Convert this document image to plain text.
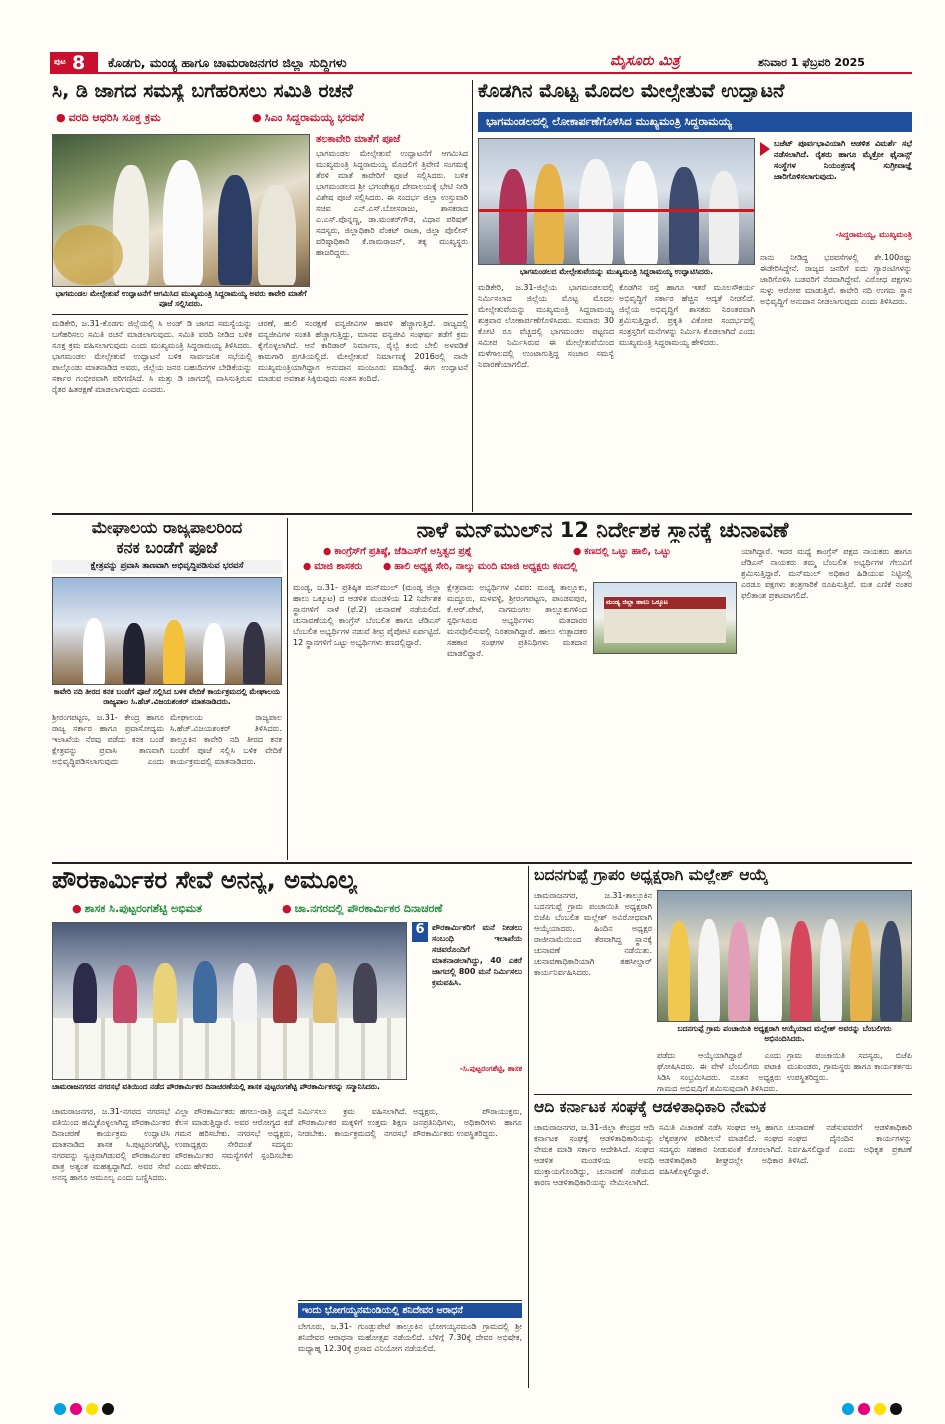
ಪುಟ 8 ಕೊಡಗು, ಮಂಡ್ಯ ಹಾಗೂ ಚಾಮರಾಜನಗರ ಜಿಲ್ಲಾ ಸುದ್ದಿಗಳು	ಮೈಸೂರು ಮಿತ್ರ	ಶನಿವಾರ 1 ಫೆಬ್ರವರಿ 2025
ಸಿ, ಡಿ ಜಾಗದ ಸಮಸ್ಯೆ ಬಗೆಹರಿಸಲು ಸಮಿತಿ ರಚನೆ
● ವರದಿ ಆಧರಿಸಿ ಸೂಕ್ತ ಕ್ರಮ	● ಸಿಎಂ ಸಿದ್ದರಾಮಯ್ಯ ಭರವಸೆ
ಭಾಗಮಂಡಲ ಮೇಲ್ಸೇತುವೆ ಉದ್ಘಾಟನೆಗೆ ಆಗಮಿಸಿದ ಮುಖ್ಯಮಂತ್ರಿ ಸಿದ್ದರಾಮಯ್ಯ ಅವರು ಕಾವೇರಿ ಮಾತೆಗೆ ಪೂಜೆ ಸಲ್ಲಿಸಿದರು.
ತಲಕಾವೇರಿ ಮಾತೆಗೆ ಪೂಜೆ
ಭಾಗಮಂಡಲ ಮೇಲ್ಸೇತುವೆ ಉದ್ಘಾಟನೆಗೆ ಆಗಮಿಸಿದ ಮುಖ್ಯಮಂತ್ರಿ ಸಿದ್ದರಾಮಯ್ಯ ಮೊದಲಿಗೆ ತ್ರಿವೇಣಿ ಸಂಗಮಕ್ಕೆ ತೆರಳಿ ಮಾತೆ ಕಾವೇರಿಗೆ ಪೂಜೆ ಸಲ್ಲಿಸಿದರು. ಬಳಿಕ ಭಾಗಮಂಡಲದ ಶ್ರೀ ಭಗಂಡೇಶ್ವರ ದೇವಾಲಯಕ್ಕೆ ಭೇಟಿ ನೀಡಿ ವಿಶೇಷ ಪೂಜೆ ಸಲ್ಲಿಸಿದರು. ಈ ಸಂದರ್ಭ ಜಿಲ್ಲಾ ಉಸ್ತುವಾರಿ ಸಚಿವ ಎನ್.ಎಸ್.ಬೋಸರಾಜು, ಶಾಸಕರಾದ ಎ.ಎಸ್.ಪೊನ್ನಣ್ಣ, ಡಾ.ಮಂತರ್‌ಗೌಡ, ವಿಧಾನ ಪರಿಷತ್ ಸದಸ್ಯರು, ಜಿಲ್ಲಾಧಿಕಾರಿ ವೆಂಕಟ್ ರಾಜಾ, ಜಿಲ್ಲಾ ಪೊಲೀಸ್ ವರಿಷ್ಠಾಧಿಕಾರಿ ಕೆ.ರಾಮರಾಜನ್, ತಕ್ಕ ಮುಖ್ಯಸ್ಥರು ಹಾಜರಿದ್ದರು.
ಮಡಿಕೇರಿ, ಜ.31-ಕೊಡಗು ಜಿಲ್ಲೆಯಲ್ಲಿ ಸಿ ಅಂಡ್ ಡಿ ಜಾಗದ ಸಮಸ್ಯೆಯನ್ನು ಬಗೆಹರಿಸಲು ಸಮಿತಿ ರಚನೆ ಮಾಡಲಾಗುವುದು. ಸಮಿತಿ ವರದಿ ನೀಡಿದ ಬಳಿಕ ಸೂಕ್ತ ಕ್ರಮ ವಹಿಸಲಾಗುವುದು ಎಂದು ಮುಖ್ಯಮಂತ್ರಿ ಸಿದ್ದರಾಮಯ್ಯ ತಿಳಿಸಿದರು. ಭಾಗಮಂಡಲ ಮೇಲ್ಸೇತುವೆ ಉದ್ಘಾಟನೆ ಬಳಿಕ ಸಾರ್ವಜನಿಕ ಸಭೆಯಲ್ಲಿ ಪಾಲ್ಗೊಂಡು ಮಾತನಾಡಿದ ಅವರು, ಜಿಲ್ಲೆಯ ಜನರ ಬಹುದಿನಗಳ ಬೇಡಿಕೆಯನ್ನು ಸರ್ಕಾರ ಗಂಭೀರವಾಗಿ ಪರಿಗಣಿಸಿದೆ. ಸಿ ಮತ್ತು ಡಿ ಜಾಗದಲ್ಲಿ ವಾಸಿಸುತ್ತಿರುವ ರೈತರ ಹಿತರಕ್ಷಣೆ ಮಾಡಲಾಗುವುದು ಎಂದರು.
ಚರಣೆ, ಹುಲಿ ಸಂರಕ್ಷಣೆ ವನ್ಯಜೀವಿಗಳ ಹಾವಳಿ ಹೆಚ್ಚಾಗುತ್ತಿದೆ. ರಾಜ್ಯದಲ್ಲಿ ವನ್ಯಜೀವಿಗಳ ಸಂತತಿ ಹೆಚ್ಚಾಗುತ್ತಿದ್ದು, ಮಾನವ ವನ್ಯಜೀವಿ ಸಂಘರ್ಷ ತಡೆಗೆ ಕ್ರಮ ಕೈಗೊಳ್ಳಲಾಗಿದೆ. ಆನೆ ಕಾರಿಡಾರ್ ನಿರ್ಮಾಣ, ರೈಲ್ವೆ ಕಂಬಿ ಬೇಲಿ ಅಳವಡಿಕೆ ಕಾಮಗಾರಿ ಪ್ರಗತಿಯಲ್ಲಿದೆ. ಮೇಲ್ಸೇತುವೆ ನಿರ್ಮಾಣಕ್ಕೆ 2016ರಲ್ಲಿ ನಾನೇ ಮುಖ್ಯಮಂತ್ರಿಯಾಗಿದ್ದಾಗ ಅನುದಾನ ಮಂಜೂರು ಮಾಡಿದ್ದೆ. ಈಗ ಉದ್ಘಾಟನೆ ಮಾಡುವ ಅವಕಾಶ ಸಿಕ್ಕಿರುವುದು ಸಂತಸ ತಂದಿದೆ.
ಕೊಡಗಿನ ಮೊಟ್ಟ ಮೊದಲ ಮೇಲ್ಸೇತುವೆ ಉದ್ಘಾಟನೆ
ಭಾಗಮಂಡಲದಲ್ಲಿ ಲೋಕಾರ್ಪಣೆಗೊಳಿಸಿದ ಮುಖ್ಯಮಂತ್ರಿ ಸಿದ್ದರಾಮಯ್ಯ
ಭಾಗಮಂಡಲದ ಮೇಲ್ಸೇತುವೆಯನ್ನು ಮುಖ್ಯಮಂತ್ರಿ ಸಿದ್ದರಾಮಯ್ಯ ಉದ್ಘಾಟಿಸಿದರು.
ಬಜೆಟ್ ಪೂರ್ವಭಾವಿಯಾಗಿ ಆಡಳಿತ ವಿಮರ್ಶೆ ಸಭೆ ನಡೆಸಲಾಗಿದೆ. ರೈತರು ಹಾಗೂ ಮೈಕ್ರೋ ಫೈನಾನ್ಸ್ ಸಂಸ್ಥೆಗಳ ನಿಯಂತ್ರಣಕ್ಕೆ ಸುಗ್ರೀವಾಜ್ಞೆ ಜಾರಿಗೊಳಿಸಲಾಗುವುದು.
-ಸಿದ್ದರಾಮಯ್ಯ, ಮುಖ್ಯಮಂತ್ರಿ
ಮಡಿಕೇರಿ, ಜ.31-ಜಿಲ್ಲೆಯ ಭಾಗಮಂಡಲದಲ್ಲಿ ನಿರ್ಮಿಸಲಾದ ಜಿಲ್ಲೆಯ ಮೊಟ್ಟ ಮೊದಲ ಮೇಲ್ಸೇತುವೆಯನ್ನು ಮುಖ್ಯಮಂತ್ರಿ ಸಿದ್ದರಾಮಯ್ಯ ಶುಕ್ರವಾರ ಲೋಕಾರ್ಪಣೆಗೊಳಿಸಿದರು. ಸುಮಾರು 30 ಕೋಟಿ ರೂ ವೆಚ್ಚದಲ್ಲಿ ಭಾಗಮಂಡಲ ಪಟ್ಟಣದ ಸಮೀಪ ನಿರ್ಮಿಸಿರುವ ಈ ಮೇಲ್ಸೇತುವೆಯಿಂದ ಮಳೆಗಾಲದಲ್ಲಿ ಉಂಟಾಗುತ್ತಿದ್ದ ಸಂಚಾರ ಸಮಸ್ಯೆ ನಿವಾರಣೆಯಾಗಲಿದೆ.
ಕೊಡಗಿನ ರಸ್ತೆ ಹಾಗೂ ಇತರೆ ಮೂಲಸೌಕರ್ಯ ಅಭಿವೃದ್ಧಿಗೆ ಸರ್ಕಾರ ಹೆಚ್ಚಿನ ಆದ್ಯತೆ ನೀಡಲಿದೆ. ಜಿಲ್ಲೆಯ ಅಭಿವೃದ್ಧಿಗೆ ಶಾಸಕರು ನಿರಂತರವಾಗಿ ಶ್ರಮಿಸುತ್ತಿದ್ದಾರೆ. ಪ್ರಕೃತಿ ವಿಕೋಪ ಸಂದರ್ಭದಲ್ಲಿ ಸಂತ್ರಸ್ತರಿಗೆ ಮನೆಗಳನ್ನು ನಿರ್ಮಿಸಿ ಕೊಡಲಾಗಿದೆ ಎಂದು ಮುಖ್ಯಮಂತ್ರಿ ಸಿದ್ದರಾಮಯ್ಯ ಹೇಳಿದರು.
ನಾನು ನೀಡಿದ್ದ ಭರವಸೆಗಳಲ್ಲಿ ಶೇ.100ರಷ್ಟು ಈಡೇರಿಸಿದ್ದೇನೆ. ರಾಜ್ಯದ ಜನರಿಗೆ ಐದು ಗ್ಯಾರಂಟಿಗಳನ್ನು ಜಾರಿಗೊಳಿಸಿ ಬಡವರಿಗೆ ನೆರವಾಗಿದ್ದೇವೆ. ವಿರೋಧ ಪಕ್ಷಗಳು ಸುಳ್ಳು ಆರೋಪ ಮಾಡುತ್ತಿವೆ. ಕಾವೇರಿ ನದಿ ಉಗಮ ಸ್ಥಾನ ಅಭಿವೃದ್ಧಿಗೆ ಅನುದಾನ ನೀಡಲಾಗುವುದು ಎಂದು ತಿಳಿಸಿದರು.
ಮೇಘಾಲಯ ರಾಜ್ಯಪಾಲರಿಂದ
ಕನಕ ಬಂಡೆಗೆ ಪೂಜೆ
ಕ್ಷೇತ್ರವನ್ನು ಪ್ರವಾಸಿ ತಾಣವಾಗಿ ಅಭಿವೃದ್ಧಿಪಡಿಸುವ ಭರವಸೆ
ಕಾವೇರಿ ನದಿ ತೀರದ ಕನಕ ಬಂಡೆಗೆ ಪೂಜೆ ಸಲ್ಲಿಸಿದ ಬಳಿಕ ವೇದಿಕೆ ಕಾರ್ಯಕ್ರಮದಲ್ಲಿ ಮೇಘಾಲಯ ರಾಜ್ಯಪಾಲ ಸಿ.ಹೆಚ್.ವಿಜಯಶಂಕರ್ ಮಾತನಾಡಿದರು.
ಶ್ರೀರಂಗಪಟ್ಟಣ, ಜ.31- ಕೇಂದ್ರ ಹಾಗೂ ರಾಜ್ಯ ಸರ್ಕಾರ ಹಾಗೂ ಪ್ರವಾಸೋದ್ಯಮ ಇಲಾಖೆಯ ನೆರವು ಪಡೆದು ಕನಕ ಬಂಡೆ ಕ್ಷೇತ್ರವನ್ನು ಪ್ರವಾಸಿ ತಾಣವಾಗಿ ಅಭಿವೃದ್ಧಿಪಡಿಸಲಾಗುವುದು ಎಂದು ಮೇಘಾಲಯ ರಾಜ್ಯಪಾಲ ಸಿ.ಹೆಚ್.ವಿಜಯಶಂಕರ್ ತಿಳಿಸಿದರು. ತಾಲ್ಲೂಕಿನ ಕಾವೇರಿ ನದಿ ತೀರದ ಕನಕ ಬಂಡೆಗೆ ಪೂಜೆ ಸಲ್ಲಿಸಿ ಬಳಿಕ ವೇದಿಕೆ ಕಾರ್ಯಕ್ರಮದಲ್ಲಿ ಮಾತನಾಡಿದರು.
ನಾಳೆ ಮನ್‌ಮುಲ್‌ನ 12 ನಿರ್ದೇಶಕ ಸ್ಥಾನಕ್ಕೆ ಚುನಾವಣೆ
● ಕಾಂಗ್ರೆಸ್‌ಗೆ ಪ್ರತಿಷ್ಠೆ, ಜೆಡಿಎಸ್‌ಗೆ ಅಸ್ತಿತ್ವದ ಪ್ರಶ್ನೆ	● ಕಣದಲ್ಲಿ ಒಟ್ಟು ಹಾಲಿ, ಒಟ್ಟು
● ಮಾಜಿ ಶಾಸಕರು	● ಹಾಲಿ ಅಧ್ಯಕ್ಷ ಸೇರಿ, ನಾಲ್ಕು ಮಂದಿ ಮಾಜಿ ಅಧ್ಯಕ್ಷರು ಕಣದಲ್ಲಿ
ಮಂಡ್ಯ, ಜ.31- ಪ್ರತಿಷ್ಠಿತ ಮನ್‌ಮುಲ್ (ಮಂಡ್ಯ ಜಿಲ್ಲಾ ಹಾಲು ಒಕ್ಕೂಟ) ದ ಆಡಳಿತ ಮಂಡಳಿಯ 12 ನಿರ್ದೇಶಕ ಸ್ಥಾನಗಳಿಗೆ ನಾಳೆ (ಫೆ.2) ಚುನಾವಣೆ ನಡೆಯಲಿದೆ. ಚುನಾವಣೆಯಲ್ಲಿ ಕಾಂಗ್ರೆಸ್ ಬೆಂಬಲಿತ ಹಾಗೂ ಜೆಡಿಎಸ್ ಬೆಂಬಲಿತ ಅಭ್ಯರ್ಥಿಗಳ ನಡುವೆ ತೀವ್ರ ಪೈಪೋಟಿ ಏರ್ಪಟ್ಟಿದೆ. 12 ಸ್ಥಾನಗಳಿಗೆ ಒಟ್ಟು ಅಭ್ಯರ್ಥಿಗಳು ಕಣದಲ್ಲಿದ್ದಾರೆ.
ಕ್ಷೇತ್ರವಾರು ಅಭ್ಯರ್ಥಿಗಳ ವಿವರ: ಮಂಡ್ಯ ತಾಲ್ಲೂಕು, ಮದ್ದೂರು, ಮಳವಳ್ಳಿ, ಶ್ರೀರಂಗಪಟ್ಟಣ, ಪಾಂಡವಪುರ, ಕೆ.ಆರ್.ಪೇಟೆ, ನಾಗಮಂಗಲ ತಾಲ್ಲೂಕುಗಳಿಂದ ಸ್ಪರ್ಧಿಸಿರುವ ಅಭ್ಯರ್ಥಿಗಳು ಮತದಾರರ ಮನವೊಲಿಸುವಲ್ಲಿ ನಿರತರಾಗಿದ್ದಾರೆ. ಹಾಲು ಉತ್ಪಾದಕರ ಸಹಕಾರ ಸಂಘಗಳ ಪ್ರತಿನಿಧಿಗಳು ಮತದಾನ ಮಾಡಲಿದ್ದಾರೆ.
ಮಂಡ್ಯ ಜಿಲ್ಲಾ ಹಾಲು ಒಕ್ಕೂಟ
ಯಾಗಿದ್ದಾರೆ. ಇದರ ಮಧ್ಯೆ ಕಾಂಗ್ರೆಸ್ ಪಕ್ಷದ ನಾಯಕರು ಹಾಗೂ ಜೆಡಿಎಸ್ ನಾಯಕರು ತಮ್ಮ ಬೆಂಬಲಿತ ಅಭ್ಯರ್ಥಿಗಳ ಗೆಲುವಿಗೆ ಶ್ರಮಿಸುತ್ತಿದ್ದಾರೆ. ಮನ್‌ಮುಲ್ ಅಧಿಕಾರ ಹಿಡಿಯುವ ನಿಟ್ಟಿನಲ್ಲಿ ಎರಡೂ ಪಕ್ಷಗಳು ತಂತ್ರಗಾರಿಕೆ ರೂಪಿಸುತ್ತಿವೆ. ಮತ ಎಣಿಕೆ ನಂತರ ಫಲಿತಾಂಶ ಪ್ರಕಟವಾಗಲಿದೆ.
ಪೌರಕಾರ್ಮಿಕರ ಸೇವೆ ಅನನ್ಯ, ಅಮೂಲ್ಯ
● ಶಾಸಕ ಸಿ.ಪುಟ್ಟರಂಗಶೆಟ್ಟಿ ಅಭಿಮತ	● ಚಾ.ನಗರದಲ್ಲಿ ಪೌರಕಾರ್ಮಿಕರ ದಿನಾಚರಣೆ
6 ಪೌರಕಾರ್ಮಿಕರಿಗೆ ಮನೆ ನೀಡಲು ಸಂಬಂಧಿ ಇಲಾಖೆಯ ಸಚಿವರೊಂದಿಗೆ ಮಾತನಾಡಲಾಗಿದ್ದು, 40 ಎಕರೆ ಜಾಗದಲ್ಲಿ 800 ಮನೆ ನಿರ್ಮಿಸಲು ಕ್ರಮವಹಿಸಿ.
-ಸಿ.ಪುಟ್ಟರಂಗಶೆಟ್ಟಿ, ಶಾಸಕ
ಚಾಮರಾಜನಗರದ ನಗರಸಭೆ ವತಿಯಿಂದ ನಡೆದ ಪೌರಕಾರ್ಮಿಕರ ದಿನಾಚರಣೆಯಲ್ಲಿ ಶಾಸಕ ಪುಟ್ಟರಂಗಶೆಟ್ಟಿ ಪೌರಕಾರ್ಮಿಕರನ್ನು ಸನ್ಮಾನಿಸಿದರು.
ಚಾಮರಾಜನಗರ, ಜ.31-ನಗರದ ನಗರಸಭೆ ವತಿಯಿಂದ ಹಮ್ಮಿಕೊಳ್ಳಲಾಗಿದ್ದ ಪೌರಕಾರ್ಮಿಕರ ದಿನಾಚರಣೆ ಕಾರ್ಯಕ್ರಮ ಉದ್ಘಾಟಿಸಿ ಮಾತನಾಡಿದ ಶಾಸಕ ಸಿ.ಪುಟ್ಟರಂಗಶೆಟ್ಟಿ, ನಗರವನ್ನು ಸ್ವಚ್ಛವಾಗಿಡುವಲ್ಲಿ ಪೌರಕಾರ್ಮಿಕರ ಪಾತ್ರ ಅತ್ಯಂತ ಮಹತ್ವದ್ದಾಗಿದೆ. ಅವರ ಸೇವೆ ಅನನ್ಯ ಹಾಗೂ ಅಮೂಲ್ಯ ಎಂದು ಬಣ್ಣಿಸಿದರು.
ವಿಲ್ಲಾ ಪೌರಕಾರ್ಮಿಕರು ಹಗಲು-ರಾತ್ರಿ ಎನ್ನದೆ ಕೆಲಸ ಮಾಡುತ್ತಿದ್ದಾರೆ. ಅವರ ಆರೋಗ್ಯದ ಕಡೆ ಗಮನ ಹರಿಸಬೇಕು. ನಗರಸಭೆ ಅಧ್ಯಕ್ಷರು, ಉಪಾಧ್ಯಕ್ಷರು ಸೇರಿದಂತೆ ಸದಸ್ಯರು ಪೌರಕಾರ್ಮಿಕರ ಸಮಸ್ಯೆಗಳಿಗೆ ಸ್ಪಂದಿಸಬೇಕು ಎಂದು ಹೇಳಿದರು.
ನಿರ್ಮಿಸಲು ಕ್ರಮ ವಹಿಸಲಾಗಿದೆ. ಪೌರಕಾರ್ಮಿಕರ ಮಕ್ಕಳಿಗೆ ಉತ್ತಮ ಶಿಕ್ಷಣ ನೀಡಬೇಕು. ಕಾರ್ಯಕ್ರಮದಲ್ಲಿ ನಗರಸಭೆ ಅಧ್ಯಕ್ಷರು, ಪೌರಾಯುಕ್ತರು, ಜನಪ್ರತಿನಿಧಿಗಳು, ಅಧಿಕಾರಿಗಳು ಹಾಗೂ ಪೌರಕಾರ್ಮಿಕರು ಉಪಸ್ಥಿತರಿದ್ದರು.
ಇಂದು ಭೋಗಯ್ಯನಮಂಡಿಯಲ್ಲಿ ಶನಿದೇವರ ಆರಾಧನೆ
ಬೇಗೂರು, ಜ.31- ಗುಂಡ್ಲುಪೇಟೆ ತಾಲ್ಲೂಕಿನ ಭೋಗಯ್ಯನಮಂಡಿ ಗ್ರಾಮದಲ್ಲಿ ಶ್ರೀ ಶನಿದೇವರ ಆರಾಧನಾ ಮಹೋತ್ಸವ ನಡೆಯಲಿದೆ. ಬೆಳಿಗ್ಗೆ 7.30ಕ್ಕೆ ದೇವರ ಅಭಿಷೇಕ, ಮಧ್ಯಾಹ್ನ 12.30ಕ್ಕೆ ಪ್ರಸಾದ ವಿನಿಯೋಗ ನಡೆಯಲಿದೆ.
ಬದನಗುಪ್ಪೆ ಗ್ರಾಪಂ ಅಧ್ಯಕ್ಷರಾಗಿ ಮಲ್ಲೇಶ್ ಆಯ್ಕೆ
ಚಾಮರಾಜನಗರ, ಜ.31-ತಾಲ್ಲೂಕಿನ ಬದನಗುಪ್ಪೆ ಗ್ರಾಮ ಪಂಚಾಯಿತಿ ಅಧ್ಯಕ್ಷರಾಗಿ ಬಿಜೆಪಿ ಬೆಂಬಲಿತ ಮಲ್ಲೇಶ್ ಅವಿರೋಧವಾಗಿ ಆಯ್ಕೆಯಾದರು. ಹಿಂದಿನ ಅಧ್ಯಕ್ಷರ ರಾಜೀನಾಮೆಯಿಂದ ತೆರವಾಗಿದ್ದ ಸ್ಥಾನಕ್ಕೆ ಚುನಾವಣೆ ನಡೆಯಿತು. ಚುನಾವಣಾಧಿಕಾರಿಯಾಗಿ ತಹಸೀಲ್ದಾರ್ ಕಾರ್ಯನಿರ್ವಹಿಸಿದರು.
ಬದನಗುಪ್ಪೆ ಗ್ರಾಮ ಪಂಚಾಯಿತಿ ಅಧ್ಯಕ್ಷರಾಗಿ ಆಯ್ಕೆಯಾದ ಮಲ್ಲೇಶ್ ಅವರನ್ನು ಬೆಂಬಲಿಗರು ಅಭಿನಂದಿಸಿದರು.
ಪಡೆದು ಆಯ್ಕೆಯಾಗಿದ್ದಾರೆ ಎಂದು ಘೋಷಿಸಿದರು. ಈ ವೇಳೆ ಬೆಂಬಲಿಗರು ಪಟಾಕಿ ಸಿಡಿಸಿ ಸಂಭ್ರಮಿಸಿದರು. ನೂತನ ಅಧ್ಯಕ್ಷರು ಗ್ರಾಮದ ಅಭಿವೃದ್ಧಿಗೆ ಶ್ರಮಿಸುವುದಾಗಿ ತಿಳಿಸಿದರು.
ಗ್ರಾಮ ಪಂಚಾಯಿತಿ ಸದಸ್ಯರು, ಬಿಜೆಪಿ ಮುಖಂಡರು, ಗ್ರಾಮಸ್ಥರು ಹಾಗೂ ಕಾರ್ಯಕರ್ತರು ಉಪಸ್ಥಿತರಿದ್ದರು.
ಆದಿ ಕರ್ನಾಟಕ ಸಂಘಕ್ಕೆ ಆಡಳಿತಾಧಿಕಾರಿ ನೇಮಕ
ಚಾಮರಾಜನಗರ, ಜ.31-ಜಿಲ್ಲಾ ಕೇಂದ್ರದ ಆದಿ ಕರ್ನಾಟಕ ಸಂಘಕ್ಕೆ ಆಡಳಿತಾಧಿಕಾರಿಯನ್ನು ನೇಮಕ ಮಾಡಿ ಸರ್ಕಾರ ಆದೇಶಿಸಿದೆ. ಸಂಘದ ಆಡಳಿತ ಮಂಡಳಿಯ ಅವಧಿ ಮುಕ್ತಾಯಗೊಂಡಿದ್ದು, ಚುನಾವಣೆ ನಡೆಯದ ಕಾರಣ ಆಡಳಿತಾಧಿಕಾರಿಯನ್ನು ನೇಮಿಸಲಾಗಿದೆ.
ಸಮಿತಿ ವಿಚಾರಣೆ ನಡೆಸಿ ಸಂಘದ ಆಸ್ತಿ ಹಾಗೂ ಲೆಕ್ಕಪತ್ರಗಳ ಪರಿಶೀಲನೆ ಮಾಡಲಿದೆ. ಸಂಘದ ಸದಸ್ಯರು ಸಹಕಾರ ನೀಡುವಂತೆ ಕೋರಲಾಗಿದೆ. ಆಡಳಿತಾಧಿಕಾರಿ ಶೀಘ್ರದಲ್ಲೇ ಅಧಿಕಾರ ವಹಿಸಿಕೊಳ್ಳಲಿದ್ದಾರೆ.
ಚುನಾವಣೆ ನಡೆಸುವವರೆಗೆ ಆಡಳಿತಾಧಿಕಾರಿ ಸಂಘದ ದೈನಂದಿನ ಕಾರ್ಯಗಳನ್ನು ನಿರ್ವಹಿಸಲಿದ್ದಾರೆ ಎಂದು ಅಧಿಕೃತ ಪ್ರಕಟಣೆ ತಿಳಿಸಿದೆ.
